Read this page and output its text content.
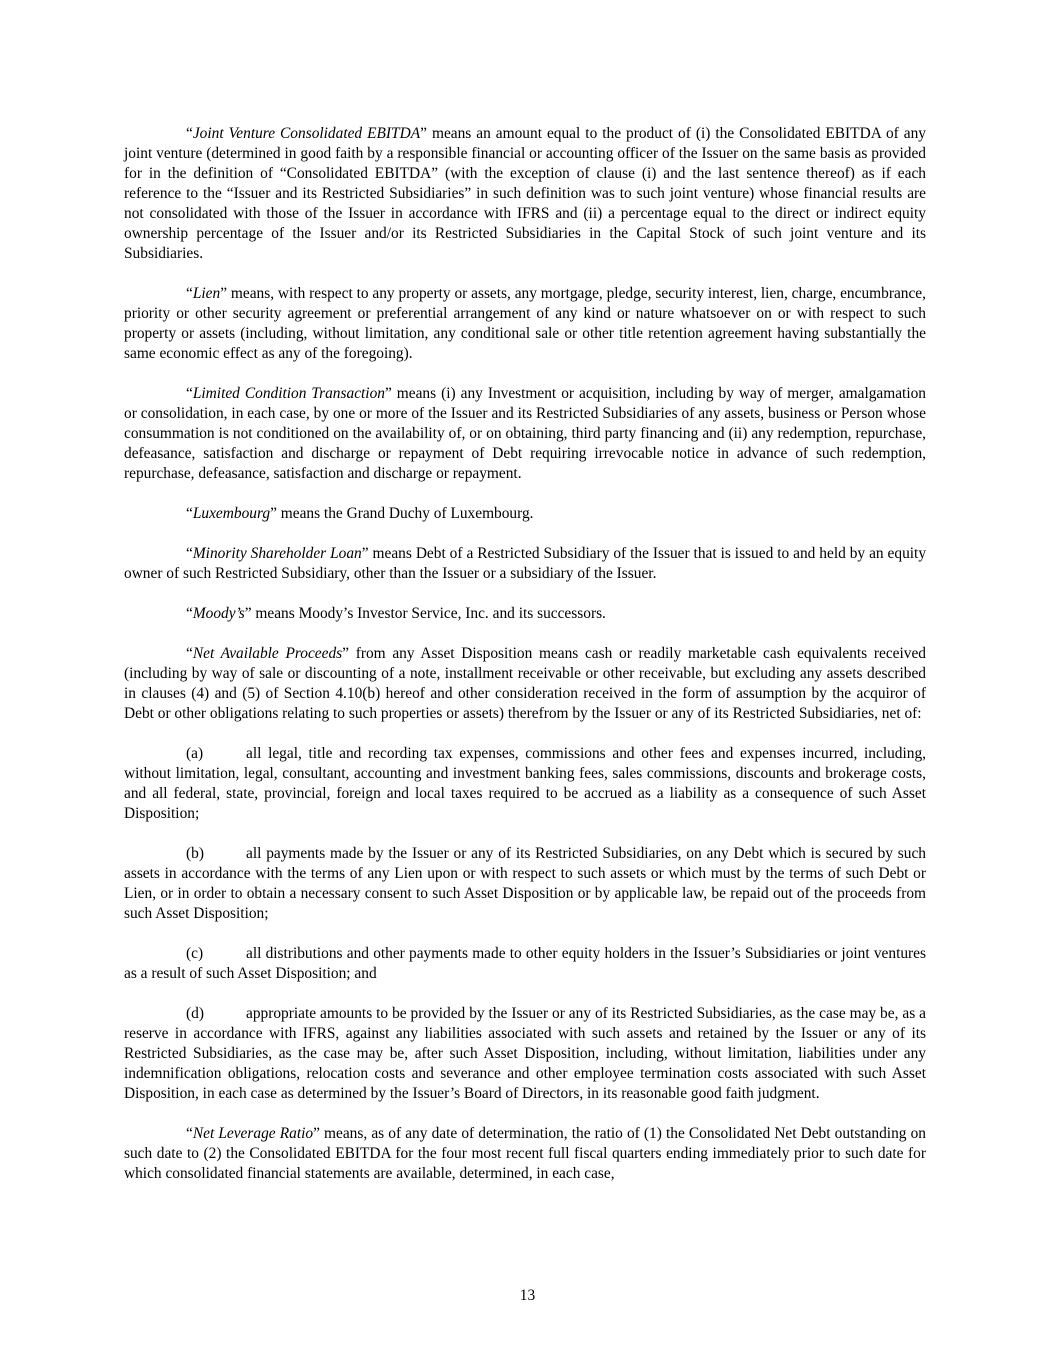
“Joint Venture Consolidated EBITDA” means an amount equal to the product of (i) the Consolidated EBITDA of any joint venture (determined in good faith by a responsible financial or accounting officer of the Issuer on the same basis as provided for in the definition of “Consolidated EBITDA” (with the exception of clause (i) and the last sentence thereof) as if each reference to the “Issuer and its Restricted Subsidiaries” in such definition was to such joint venture) whose financial results are not consolidated with those of the Issuer in accordance with IFRS and (ii) a percentage equal to the direct or indirect equity ownership percentage of the Issuer and/or its Restricted Subsidiaries in the Capital Stock of such joint venture and its Subsidiaries.

“Lien” means, with respect to any property or assets, any mortgage, pledge, security interest, lien, charge, encumbrance, priority or other security agreement or preferential arrangement of any kind or nature whatsoever on or with respect to such property or assets (including, without limitation, any conditional sale or other title retention agreement having substantially the same economic effect as any of the foregoing).

“Limited Condition Transaction” means (i) any Investment or acquisition, including by way of merger, amalgamation or consolidation, in each case, by one or more of the Issuer and its Restricted Subsidiaries of any assets, business or Person whose consummation is not conditioned on the availability of, or on obtaining, third party financing and (ii) any redemption, repurchase, defeasance, satisfaction and discharge or repayment of Debt requiring irrevocable notice in advance of such redemption, repurchase, defeasance, satisfaction and discharge or repayment.

“Luxembourg” means the Grand Duchy of Luxembourg.

“Minority Shareholder Loan” means Debt of a Restricted Subsidiary of the Issuer that is issued to and held by an equity owner of such Restricted Subsidiary, other than the Issuer or a subsidiary of the Issuer.

“Moody’s” means Moody’s Investor Service, Inc. and its successors.

“Net Available Proceeds” from any Asset Disposition means cash or readily marketable cash equivalents received (including by way of sale or discounting of a note, installment receivable or other receivable, but excluding any assets described in clauses (4) and (5) of Section 4.10(b) hereof and other consideration received in the form of assumption by the acquiror of Debt or other obligations relating to such properties or assets) therefrom by the Issuer or any of its Restricted Subsidiaries, net of:

(a)	all legal, title and recording tax expenses, commissions and other fees and expenses incurred, including, without limitation, legal, consultant, accounting and investment banking fees, sales commissions, discounts and brokerage costs, and all federal, state, provincial, foreign and local taxes required to be accrued as a liability as a consequence of such Asset Disposition;

(b)	all payments made by the Issuer or any of its Restricted Subsidiaries, on any Debt which is secured by such assets in accordance with the terms of any Lien upon or with respect to such assets or which must by the terms of such Debt or Lien, or in order to obtain a necessary consent to such Asset Disposition or by applicable law, be repaid out of the proceeds from such Asset Disposition;

(c)	all distributions and other payments made to other equity holders in the Issuer’s Subsidiaries or joint ventures as a result of such Asset Disposition; and

(d)	appropriate amounts to be provided by the Issuer or any of its Restricted Subsidiaries, as the case may be, as a reserve in accordance with IFRS, against any liabilities associated with such assets and retained by the Issuer or any of its Restricted Subsidiaries, as the case may be, after such Asset Disposition, including, without limitation, liabilities under any indemnification obligations, relocation costs and severance and other employee termination costs associated with such Asset Disposition, in each case as determined by the Issuer’s Board of Directors, in its reasonable good faith judgment.

“Net Leverage Ratio” means, as of any date of determination, the ratio of (1) the Consolidated Net Debt outstanding on such date to (2) the Consolidated EBITDA for the four most recent full fiscal quarters ending immediately prior to such date for which consolidated financial statements are available, determined, in each case,

13
